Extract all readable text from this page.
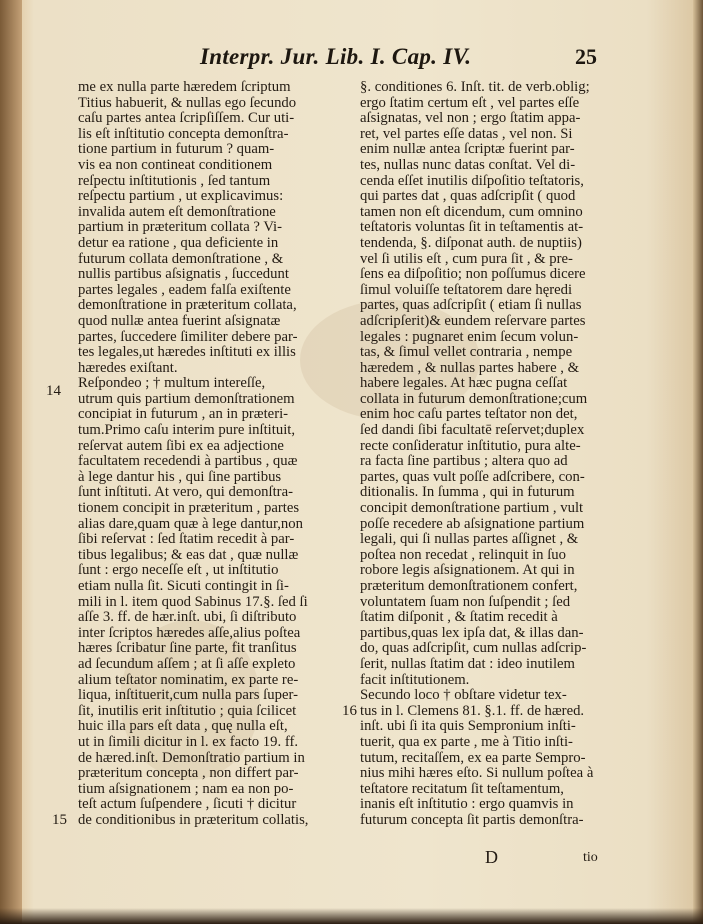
Interpr. Jur. Lib. I. Cap. IV.	25
me ex nulla parte hæredem ſcriptum
Titius habuerit, & nullas ego ſecundo
caſu partes antea ſcripſiſſem. Cur uti-
lis eſt inſtitutio concepta demonſtra-
tione partium in futurum ? quam-
vis ea non contineat conditionem
reſpectu inſtitutionis , ſed tantum
reſpectu partium , ut explicavimus:
invalida autem eſt demonſtratione
partium in præteritum collata ? Vi-
detur ea ratione , qua deficiente in
futurum collata demonſtratione , &
nullis partibus aſsignatis , ſuccedunt
partes legales , eadem falſa exiſtente
demonſtratione in præteritum collata,
quod nullæ antea fuerint aſsignatæ
partes, ſuccedere ſimiliter debere par-
tes legales,ut hæredes inſtituti ex illis
hæredes exiſtant.
Reſpondeo ; † multum intereſſe,
utrum quis partium demonſtrationem
concipiat in futurum , an in præteri-
tum.Primo caſu interim pure inſtituit,
reſervat autem ſibi ex ea adjectione
facultatem recedendi à partibus , quæ
à lege dantur his , qui ſine partibus
ſunt inſtituti. At vero, qui demonſtra-
tionem concipit in præteritum , partes
alias dare,quam quæ à lege dantur,non
ſibi reſervat : ſed ſtatim recedit à par-
tibus legalibus; & eas dat , quæ nullæ
ſunt : ergo neceſſe eſt , ut inſtitutio
etiam nulla ſit. Sicuti contingit in ſi-
mili in l. item quod Sabinus 17.§. ſed ſi
aſſe 3. ff. de hær.inſt. ubi, ſi diſtributo
inter ſcriptos hæredes aſſe,alius poſtea
hæres ſcribatur ſine parte, fit tranſitus
ad ſecundum aſſem ; at ſi aſſe expleto
alium teſtator nominatim, ex parte re-
liqua, inſtituerit,cum nulla pars ſuper-
ſit, inutilis erit inſtitutio ; quia ſcilicet
huic illa pars eſt data , quę nulla eſt,
ut in ſimili dicitur in l. ex facto 19. ff.
de hæred.inſt. Demonſtratio partium in
præteritum concepta , non differt par-
tium aſsignationem ; nam ea non po-
teſt actum ſuſpendere , ſicuti † dicitur
de conditionibus in præteritum collatis,
§. conditiones 6. Inſt. tit. de verb.oblig;
ergo ſtatim certum eſt , vel partes eſſe
aſsignatas, vel non ; ergo ſtatim appa-
ret, vel partes eſſe datas , vel non. Si
enim nullæ antea ſcriptæ fuerint par-
tes, nullas nunc datas conſtat. Vel di-
cenda eſſet inutilis diſpoſitio teſtatoris,
qui partes dat , quas adſcripſit ( quod
tamen non eſt dicendum, cum omnino
teſtatoris voluntas ſit in teſtamentis at-
tendenda, §. diſponat auth. de nuptiis)
vel ſi utilis eſt , cum pura ſit , & pre-
ſens ea diſpoſitio; non poſſumus dicere
ſimul voluiſſe teſtatorem dare hęredi
partes, quas adſcripſit ( etiam ſi nullas
adſcripſerit)& eundem reſervare partes
legales : pugnaret enim ſecum volun-
tas, & ſimul vellet contraria , nempe
hæredem , & nullas partes habere , &
habere legales. At hæc pugna ceſſat
collata in futurum demonſtratione;cum
enim hoc caſu partes teſtator non det,
ſed dandi ſibi facultatē reſervet;duplex
recte conſideratur inſtitutio, pura alte-
ra facta ſine partibus ; altera quo ad
partes, quas vult poſſe adſcribere, con-
ditionalis. In ſumma , qui in futurum
concipit demonſtratione partium , vult
poſſe recedere ab aſsignatione partium
legali, qui ſi nullas partes aſſignet , &
poſtea non recedat , relinquit in ſuo
robore legis aſsignationem. At qui in
præteritum demonſtrationem confert,
voluntatem ſuam non ſuſpendit ; ſed
ſtatim diſponit , & ſtatim recedit à
partibus,quas lex ipſa dat, & illas dan-
do, quas adſcripſit, cum nullas adſcrip-
ſerit, nullas ſtatim dat : ideo inutilem
facit inſtitutionem.
Secundo loco † obſtare videtur tex-
tus in l. Clemens 81. §.1. ff. de hæred.
inſt. ubi ſi ita quis Sempronium inſti-
tuerit, qua ex parte , me à Titio inſti-
tutum, recitaſſem, ex ea parte Sempro-
nius mihi hæres eſto. Si nullum poſtea à
teſtatore recitatum ſit teſtamentum,
inanis eſt inſtitutio : ergo quamvis in
futurum concepta ſit partis demonſtra-
14
15
16
D	tio
